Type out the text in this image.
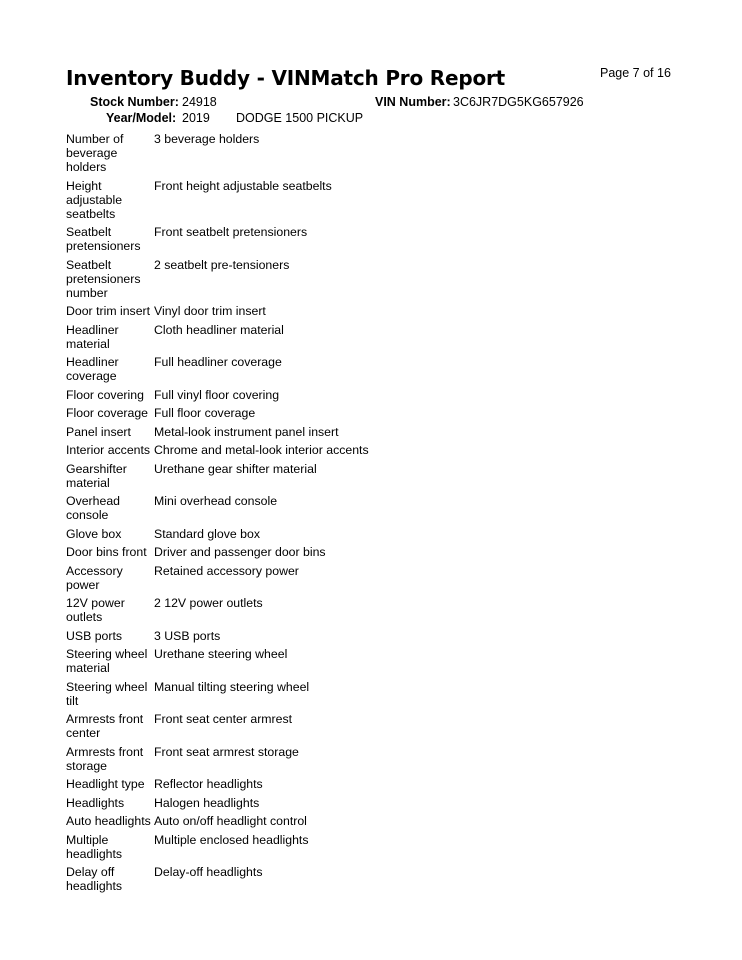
Inventory Buddy - VINMatch Pro Report	Page 7 of 16
Stock Number: 24918	VIN Number: 3C6JR7DG5KG657926
Year/Model: 2019 DODGE 1500 PICKUP
Number of beverage holders	3 beverage holders
Height adjustable seatbelts	Front height adjustable seatbelts
Seatbelt pretensioners	Front seatbelt pretensioners
Seatbelt pretensioners number	2 seatbelt pre-tensioners
Door trim insert	Vinyl door trim insert
Headliner material	Cloth headliner material
Headliner coverage	Full headliner coverage
Floor covering	Full vinyl floor covering
Floor coverage	Full floor coverage
Panel insert	Metal-look instrument panel insert
Interior accents	Chrome and metal-look interior accents
Gearshifter material	Urethane gear shifter material
Overhead console	Mini overhead console
Glove box	Standard glove box
Door bins front	Driver and passenger door bins
Accessory power	Retained accessory power
12V power outlets	2 12V power outlets
USB ports	3 USB ports
Steering wheel material	Urethane steering wheel
Steering wheel tilt	Manual tilting steering wheel
Armrests front center	Front seat center armrest
Armrests front storage	Front seat armrest storage
Headlight type	Reflector headlights
Headlights	Halogen headlights
Auto headlights	Auto on/off headlight control
Multiple headlights	Multiple enclosed headlights
Delay off headlights	Delay-off headlights
